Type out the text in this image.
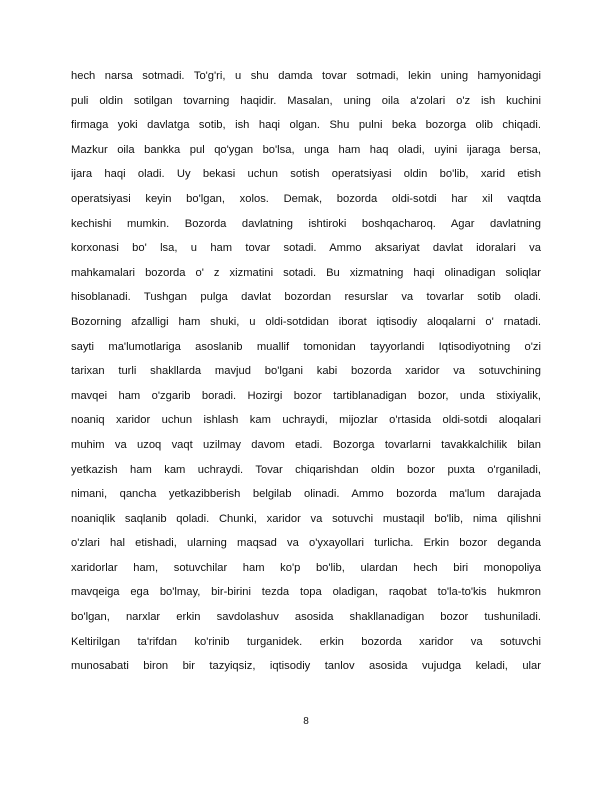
hech narsa sotmadi. To'g'ri, u shu damda tovar sotmadi, lekin uning hamyonidagi
puli oldin sotilgan tovarning haqidir. Masalan, uning oila a'zolari o'z ish kuchini
firmaga yoki davlatga sotib, ish haqi olgan. Shu pulni beka bozorga olib chiqadi.
Mazkur oila bankka pul qo'ygan bo'lsa, unga ham haq oladi, uyini ijaraga bersa,
ijara haqi oladi. Uy bekasi uchun sotish operatsiyasi oldin bo'lib, xarid etish
operatsiyasi keyin bo'lgan, xolos. Demak, bozorda oldi-sotdi har xil vaqtda
kechishi mumkin. Bozorda davlatning ishtiroki boshqacharoq. Agar davlatning
korxonasi bo' lsa, u ham tovar sotadi. Ammo aksariyat davlat idoralari va
mahkamalari bozorda o' z xizmatini sotadi. Bu xizmatning haqi olinadigan soliqlar
hisoblanadi. Tushgan pulga davlat bozordan resurslar va tovarlar sotib oladi.
Bozorning afzalligi ham shuki, u oldi-sotdidan iborat iqtisodiy aloqalarni o' rnatadi.
sayti ma'lumotlariga asoslanib muallif tomonidan tayyorlandi Iqtisodiyotning o'zi
tarixan turli shakllarda mavjud bo'lgani kabi bozorda xaridor va sotuvchining
mavqei ham o'zgarib boradi. Hozirgi bozor tartiblanadigan bozor, unda stixiyalik,
noaniq xaridor uchun ishlash kam uchraydi, mijozlar o'rtasida oldi-sotdi aloqalari
muhim va uzoq vaqt uzilmay davom etadi. Bozorga tovarlarni tavakkalchilik bilan
yetkazish ham kam uchraydi. Tovar chiqarishdan oldin bozor puxta o'rganiladi,
nimani, qancha yetkazibberish belgilab olinadi. Ammo bozorda ma'lum darajada
noaniqlik saqlanib qoladi. Chunki, xaridor va sotuvchi mustaqil bo'lib, nima qilishni
o'zlari hal etishadi, ularning maqsad va o'yxayollari turlicha. Erkin bozor deganda
xaridorlar ham, sotuvchilar ham ko'p bo'lib, ulardan hech biri monopoliya
mavqeiga ega bo'lmay, bir-birini tezda topa oladigan, raqobat to'la-to'kis hukmron
bo'lgan, narxlar erkin savdolashuv asosida shakllanadigan bozor tushuniladi.
Keltirilgan ta'rifdan ko'rinib turganidek. erkin bozorda xaridor va sotuvchi
munosabati biron bir tazyiqsiz, iqtisodiy tanlov asosida vujudga keladi, ular
8
